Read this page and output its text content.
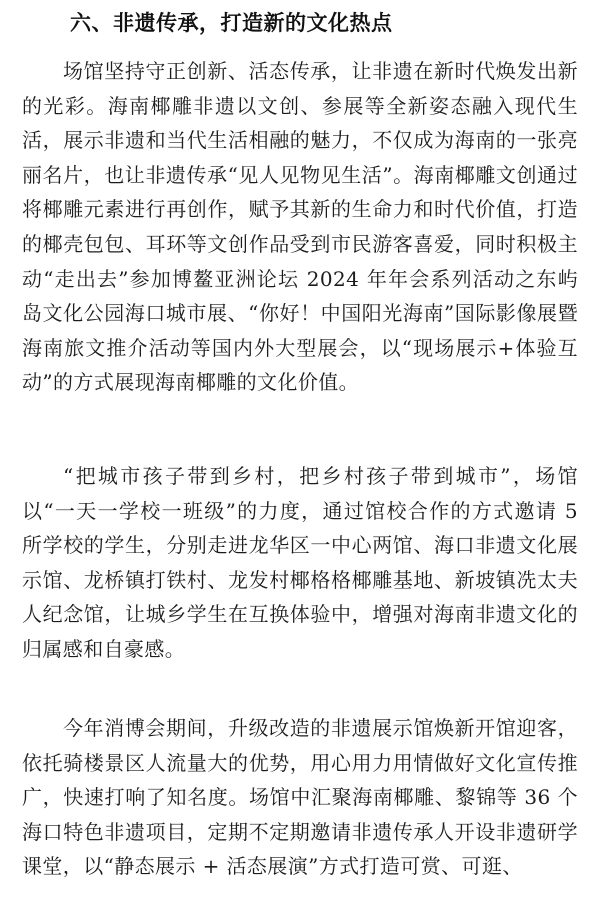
六、非遗传承，打造新的文化热点

场馆坚持守正创新、活态传承，让非遗在新时代焕发出新的光彩。海南椰雕非遗以文创、参展等全新姿态融入现代生活，展示非遗和当代生活相融的魅力，不仅成为海南的一张亮丽名片，也让非遗传承“见人见物见生活”。海南椰雕文创通过将椰雕元素进行再创作，赋予其新的生命力和时代价值，打造的椰壳包包、耳环等文创作品受到市民游客喜爱，同时积极主动“走出去”参加博鳌亚洲论坛 2024 年年会系列活动之东屿岛文化公园海口城市展、“你好！中国阳光海南”国际影像展暨海南旅文推介活动等国内外大型展会，以“现场展示+体验互动”的方式展现海南椰雕的文化价值。

“把城市孩子带到乡村，把乡村孩子带到城市”，场馆以“一天一学校一班级”的力度，通过馆校合作的方式邀请 5 所学校的学生，分别走进龙华区一中心两馆、海口非遗文化展示馆、龙桥镇打铁村、龙发村椰格格椰雕基地、新坡镇冼太夫人纪念馆，让城乡学生在互换体验中，增强对海南非遗文化的归属感和自豪感。

今年消博会期间，升级改造的非遗展示馆焕新开馆迎客，依托骑楼景区人流量大的优势，用心用力用情做好文化宣传推广，快速打响了知名度。场馆中汇聚海南椰雕、黎锦等 36 个海口特色非遗项目，定期不定期邀请非遗传承人开设非遗研学课堂，以“静态展示 + 活态展演”方式打造可赏、可逛、
